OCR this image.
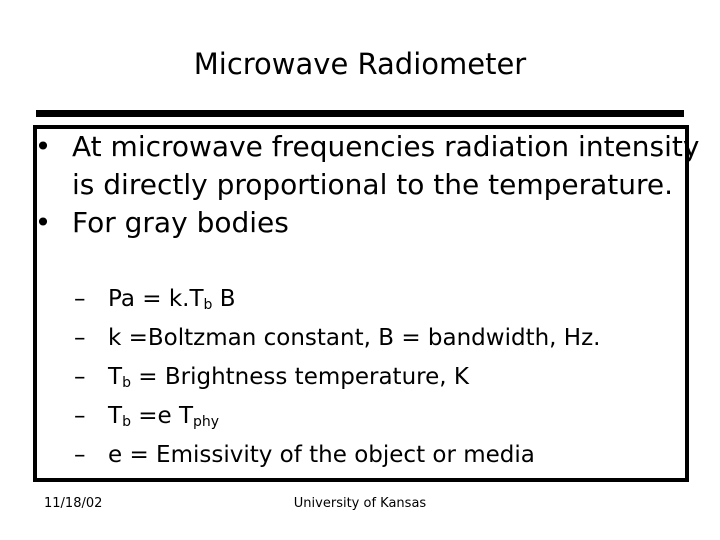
Microwave Radiometer
• At microwave frequencies radiation intensity is directly proportional to the temperature.
• For gray bodies
– $Pa = k.T_b$ B
– k =Boltzman constant, B = bandwidth, Hz.
– $T_b$ = Brightness temperature, K
– $T_b =e$ $T_{phy}$
– e = Emissivity of the object or media
11/18/02	University of Kansas
